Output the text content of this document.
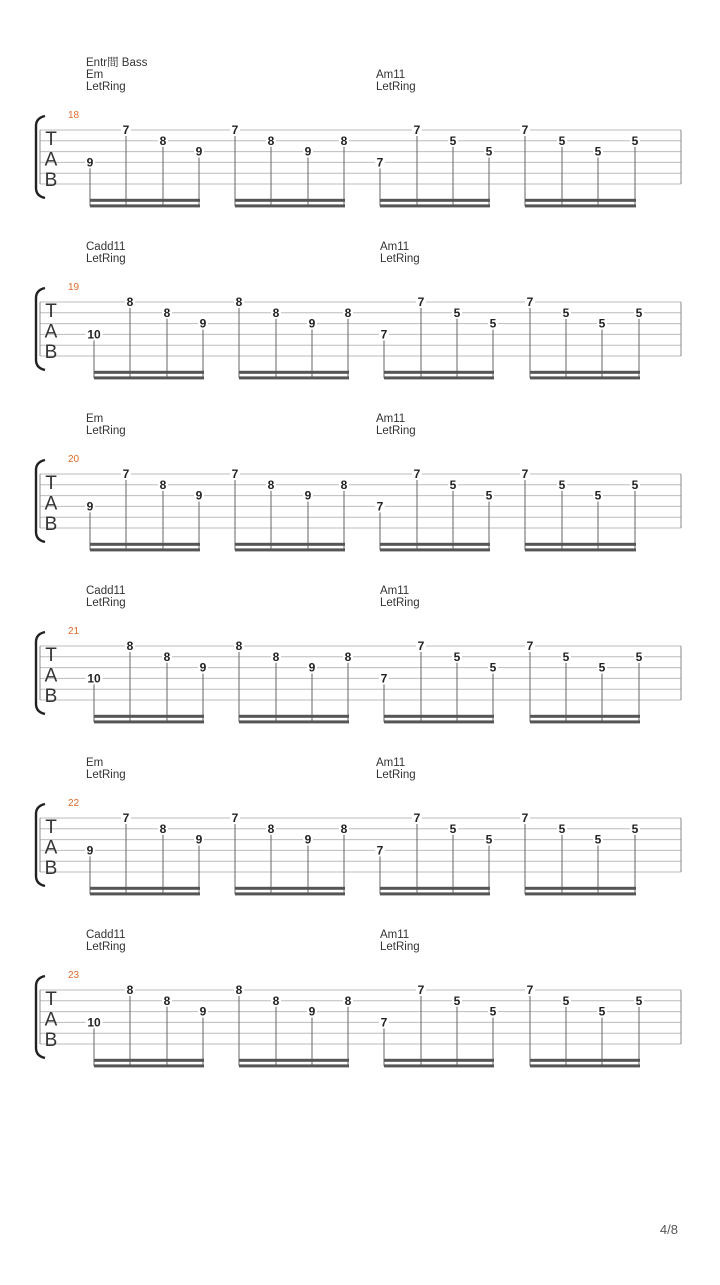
Entr間 Bass
Em
LetRing
Am11
LetRing
18
T
A
B
9
7
8
9
7
8
9
8
7
7
5
5
7
5
5
5
Cadd11
LetRing
Am11
LetRing
19
T
A
B
10
8
8
9
8
8
9
8
7
7
5
5
7
5
5
5
Em
LetRing
Am11
LetRing
20
T
A
B
9
7
8
9
7
8
9
8
7
7
5
5
7
5
5
5
Cadd11
LetRing
Am11
LetRing
21
T
A
B
10
8
8
9
8
8
9
8
7
7
5
5
7
5
5
5
Em
LetRing
Am11
LetRing
22
T
A
B
9
7
8
9
7
8
9
8
7
7
5
5
7
5
5
5
Cadd11
LetRing
Am11
LetRing
23
T
A
B
10
8
8
9
8
8
9
8
7
7
5
5
7
5
5
5
4/8
